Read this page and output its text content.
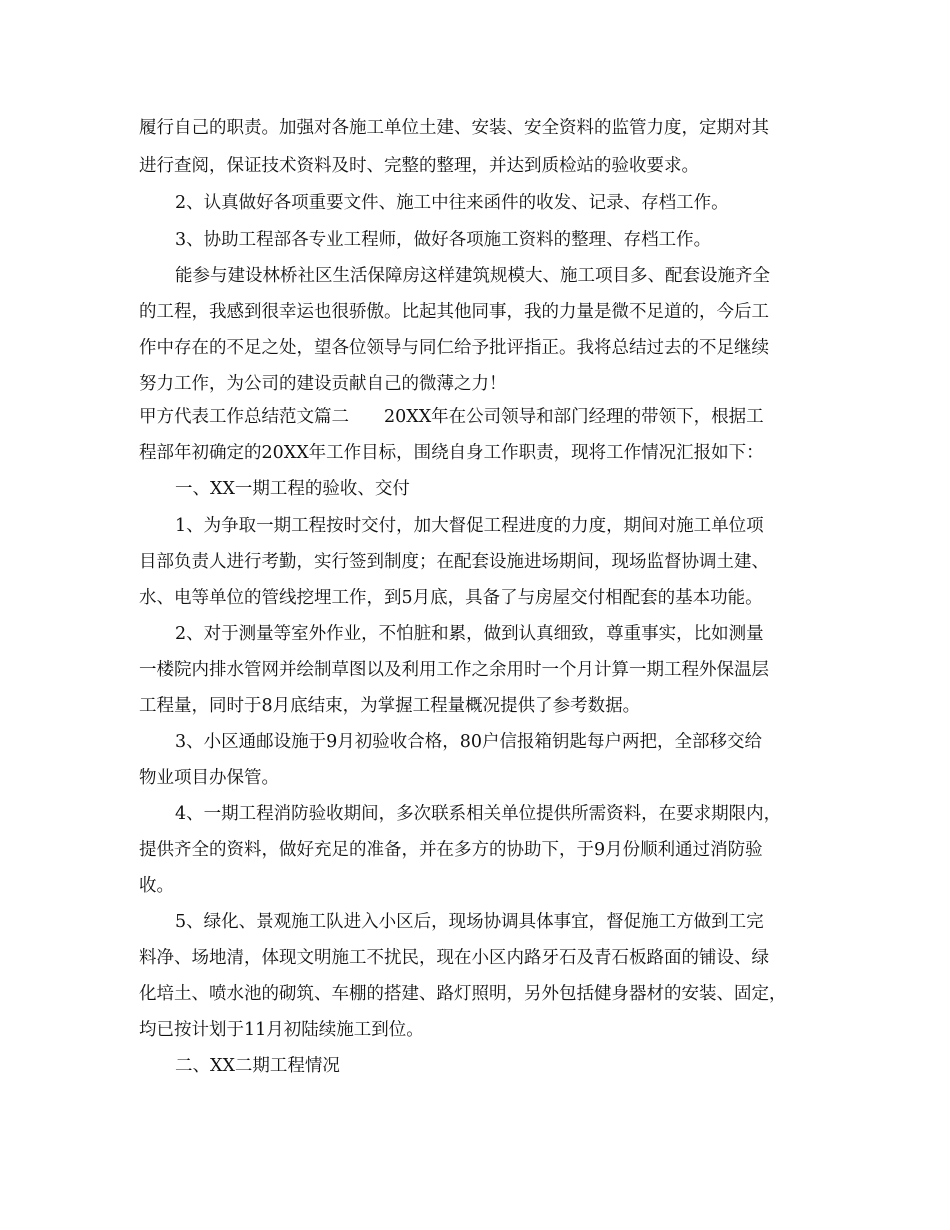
履行自己的职责。加强对各施工单位土建、安装、安全资料的监管力度，定期对其

进行查阅，保证技术资料及时、完整的整理，并达到质检站的验收要求。

2、认真做好各项重要文件、施工中往来函件的收发、记录、存档工作。

3、协助工程部各专业工程师，做好各项施工资料的整理、存档工作。

能参与建设林桥社区生活保障房这样建筑规模大、施工项目多、配套设施齐全

的工程，我感到很幸运也很骄傲。比起其他同事，我的力量是微不足道的，今后工

作中存在的不足之处，望各位领导与同仁给予批评指正。我将总结过去的不足继续

努力工作，为公司的建设贡献自己的微薄之力！

甲方代表工作总结范文篇二　　20XX年在公司领导和部门经理的带领下，根据工

程部年初确定的20XX年工作目标，围绕自身工作职责，现将工作情况汇报如下：

一、XX一期工程的验收、交付

1、为争取一期工程按时交付，加大督促工程进度的力度，期间对施工单位项

目部负责人进行考勤，实行签到制度；在配套设施进场期间，现场监督协调土建、

水、电等单位的管线挖埋工作，到5月底，具备了与房屋交付相配套的基本功能。

2、对于测量等室外作业，不怕脏和累，做到认真细致，尊重事实，比如测量

一楼院内排水管网并绘制草图以及利用工作之余用时一个月计算一期工程外保温层

工程量，同时于8月底结束，为掌握工程量概况提供了参考数据。

3、小区通邮设施于9月初验收合格，80户信报箱钥匙每户两把，全部移交给

物业项目办保管。

4、一期工程消防验收期间，多次联系相关单位提供所需资料，在要求期限内，

提供齐全的资料，做好充足的准备，并在多方的协助下，于9月份顺利通过消防验

收。

5、绿化、景观施工队进入小区后，现场协调具体事宜，督促施工方做到工完

料净、场地清，体现文明施工不扰民，现在小区内路牙石及青石板路面的铺设、绿

化培土、喷水池的砌筑、车棚的搭建、路灯照明，另外包括健身器材的安装、固定，

均已按计划于11月初陆续施工到位。

二、XX二期工程情况
